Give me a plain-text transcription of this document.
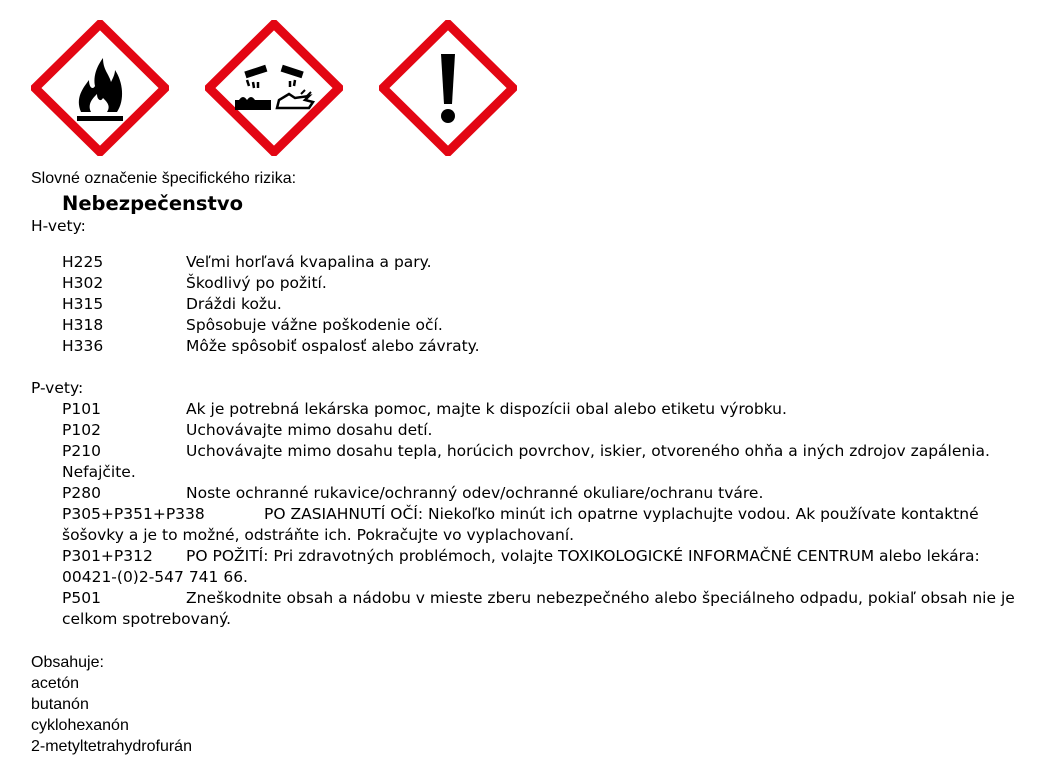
Slovné označenie špecifického rizika:
Nebezpečenstvo
H-vety:
H225	Veľmi horľavá kvapalina a pary.
H302	Škodlivý po požití.
H315	Dráždi kožu.
H318	Spôsobuje vážne poškodenie očí.
H336	Môže spôsobiť ospalosť alebo závraty.
P-vety:
P101	Ak je potrebná lekárska pomoc, majte k dispozícii obal alebo etiketu výrobku.
P102	Uchovávajte mimo dosahu detí.
P210	Uchovávajte mimo dosahu tepla, horúcich povrchov, iskier, otvoreného ohňa a iných zdrojov zapálenia.
Nefajčite.
P280	Noste ochranné rukavice/ochranný odev/ochranné okuliare/ochranu tváre.
P305+P351+P338	PO ZASIAHNUTÍ OČÍ: Niekoľko minút ich opatrne vyplachujte vodou. Ak používate kontaktné
šošovky a je to možné, odstráňte ich. Pokračujte vo vyplachovaní.
P301+P312 PO POŽITÍ: Pri zdravotných problémoch, volajte TOXIKOLOGICKÉ INFORMAČNÉ CENTRUM alebo lekára:
00421-(0)2-547 741 66.
P501	Zneškodnite obsah a nádobu v mieste zberu nebezpečného alebo špeciálneho odpadu, pokiaľ obsah nie je
celkom spotrebovaný.
Obsahuje:
acetón
butanón
cyklohexanón
2-metyltetrahydrofurán
